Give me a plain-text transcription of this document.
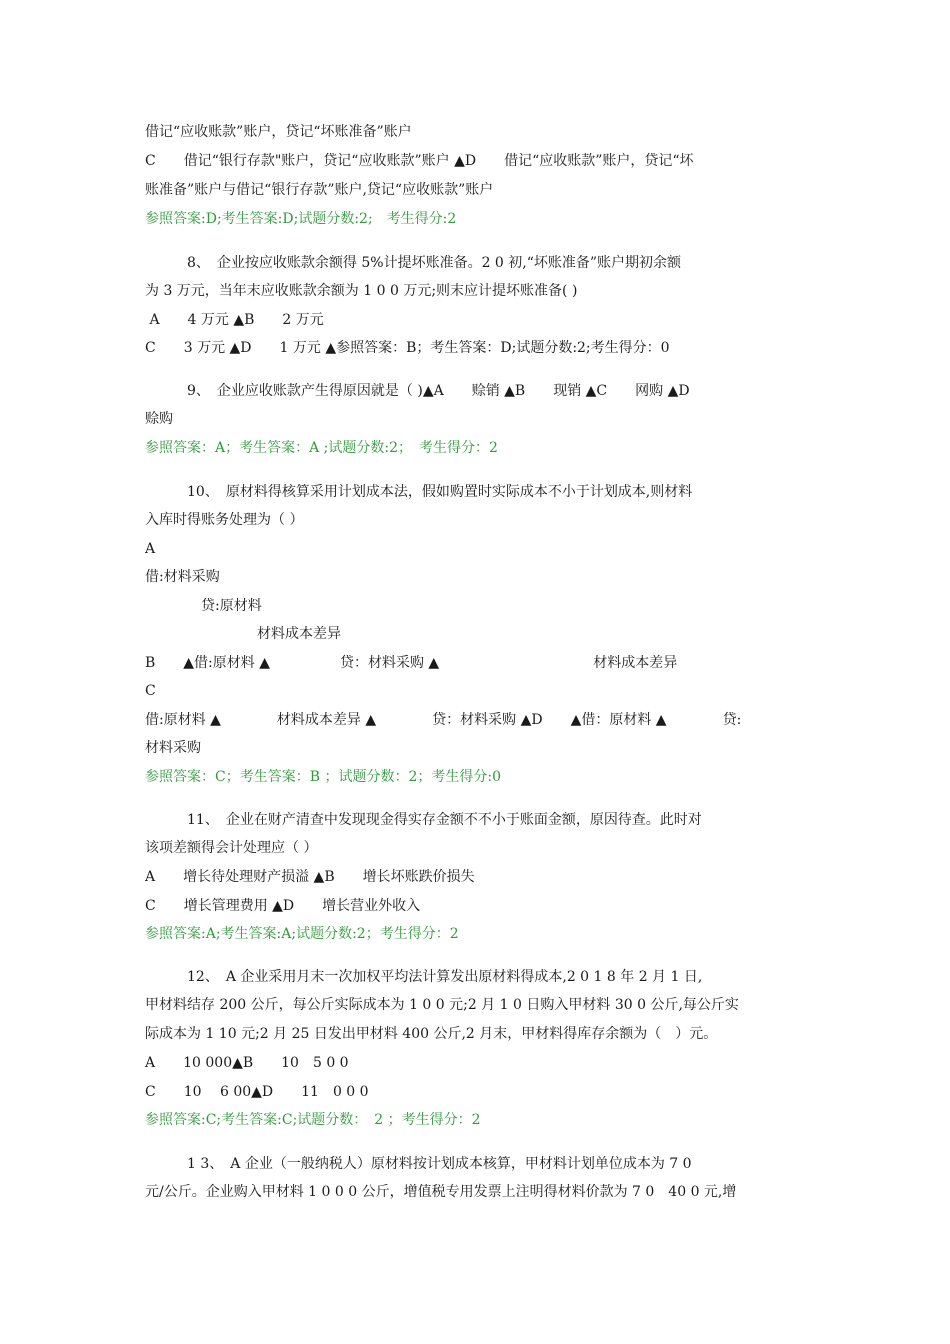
借记“应收账款”账户，贷记“坏账准备”账户
C　　借记“银行存款"账户，贷记“应收账款”账户 ▲D　　借记“应收账款”账户，贷记“坏
账准备”账户与借记“银行存款”账户,贷记“应收账款”账户
参照答案:D;考生答案:D;试题分数:2;　考生得分:2
　　　8、　企业按应收账款余额得 5%计提坏账准备。2 0 初,“坏账准备”账户期初余额
为 3 万元，当年末应收账款余额为 1 0 0 万元;则末应计提坏账准备( )
A　　4 万元 ▲B　　2 万元
C　　3 万元 ▲D　　1 万元 ▲参照答案：B；考生答案：D;试题分数:2;考生得分：0
　　　9、　企业应收账款产生得原因就是（ )▲A　　赊销 ▲B　　现销 ▲C　　网购 ▲D
赊购
参照答案：A；考生答案：A ;试题分数:2；　考生得分：2
　　　10、　原材料得核算采用计划成本法，假如购置时实际成本不小于计划成本,则材料
入库时得账务处理为（ ）
A
借:材料采购
　　　　贷:原材料
　　　　　　　　材料成本差异
B　　▲借:原材料 ▲　　　　　贷：材料采购 ▲　　　　　　　　　　　材料成本差异
C
借:原材料 ▲　　　　材料成本差异 ▲　　　　贷：材料采购 ▲D　　▲借：原材料 ▲　　　　贷:
材料采购
参照答案：C；考生答案：B ；试题分数：2；考生得分:0
　　　11、　企业在财产清查中发现现金得实存金额不不小于账面金额，原因待查。此时对
该项差额得会计处理应（ ）
A　　增长待处理财产损溢 ▲B　　增长坏账跌价损失
C　　增长管理费用 ▲D　　增长营业外收入
参照答案:A;考生答案:A;试题分数:2；考生得分：2
　　　12、　A 企业采用月末一次加权平均法计算发出原材料得成本,2 0 1 8 年 2 月 1 日,
甲材料结存 200 公斤，每公斤实际成本为 1 0 0 元;2 月 1 0 日购入甲材料 30 0 公斤,每公斤实
际成本为 1 10 元;2 月 25 日发出甲材料 400 公斤,2 月末，甲材料得库存余额为（　）元。
A　　10 000▲B　　10　5 0 0
C　　10　 6 00▲D　　11　0 0 0
参照答案:C;考生答案:C;试题分数：　2 ；考生得分：2
　　　1 3、　A 企业（一般纳税人）原材料按计划成本核算，甲材料计划单位成本为 7 0
元/公斤。企业购入甲材料 1 0 0 0 公斤，增值税专用发票上注明得材料价款为 7 0　40 0 元,增
